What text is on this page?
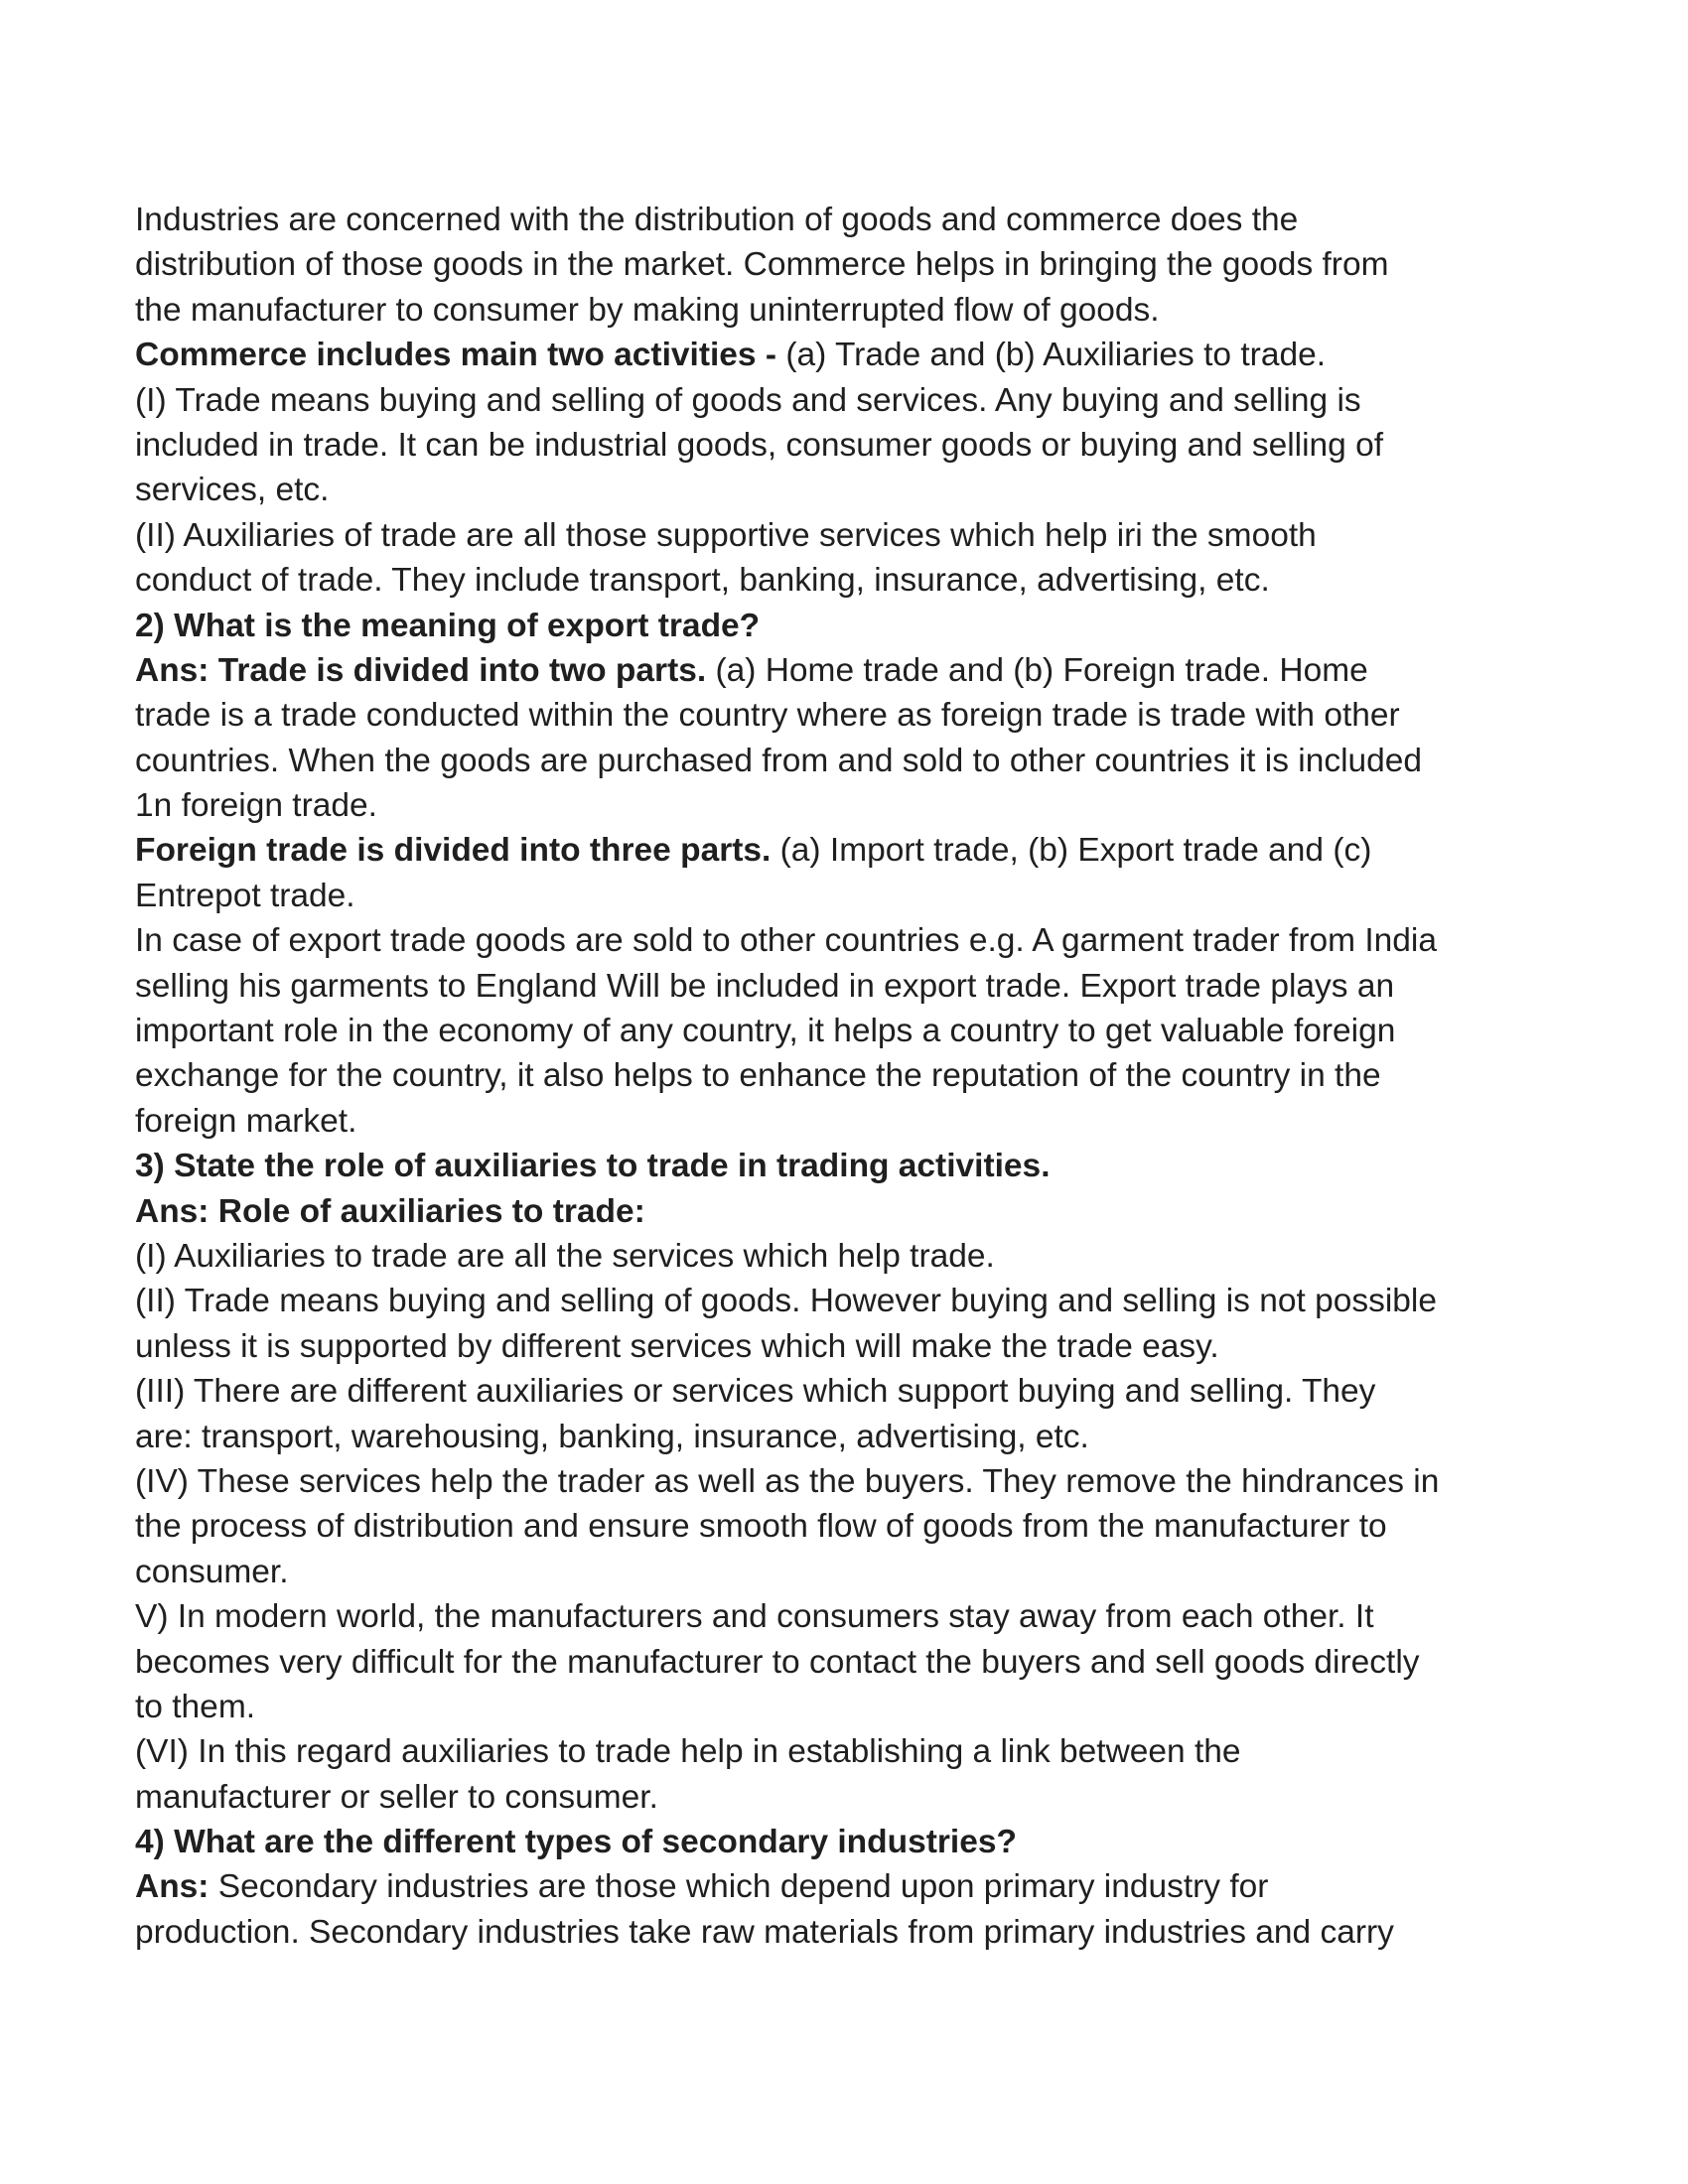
Industries are concerned with the distribution of goods and commerce does the
distribution of those goods in the market. Commerce helps in bringing the goods from
the manufacturer to consumer by making uninterrupted flow of goods.
Commerce includes main two activities - (a) Trade and (b) Auxiliaries to trade.
(I) Trade means buying and selling of goods and services. Any buying and selling is
included in trade. It can be industrial goods, consumer goods or buying and selling of
services, etc.
(II) Auxiliaries of trade are all those supportive services which help iri the smooth
conduct of trade. They include transport, banking, insurance, advertising, etc.
2) What is the meaning of export trade?
Ans: Trade is divided into two parts. (a) Home trade and (b) Foreign trade. Home
trade is a trade conducted within the country where as foreign trade is trade with other
countries. When the goods are purchased from and sold to other countries it is included
1n foreign trade.
Foreign trade is divided into three parts. (a) Import trade, (b) Export trade and (c)
Entrepot trade.
In case of export trade goods are sold to other countries e.g. A garment trader from India
selling his garments to England Will be included in export trade. Export trade plays an
important role in the economy of any country, it helps a country to get valuable foreign
exchange for the country, it also helps to enhance the reputation of the country in the
foreign market.
3) State the role of auxiliaries to trade in trading activities.
Ans: Role of auxiliaries to trade:
(I) Auxiliaries to trade are all the services which help trade.
(II) Trade means buying and selling of goods. However buying and selling is not possible
unless it is supported by different services which will make the trade easy.
(III) There are different auxiliaries or services which support buying and selling. They
are: transport, warehousing, banking, insurance, advertising, etc.
(IV) These services help the trader as well as the buyers. They remove the hindrances in
the process of distribution and ensure smooth flow of goods from the manufacturer to
consumer.
V) In modern world, the manufacturers and consumers stay away from each other. It
becomes very difficult for the manufacturer to contact the buyers and sell goods directly
to them.
(VI) In this regard auxiliaries to trade help in establishing a link between the
manufacturer or seller to consumer.
4) What are the different types of secondary industries?
Ans: Secondary industries are those which depend upon primary industry for
production. Secondary industries take raw materials from primary industries and carry
